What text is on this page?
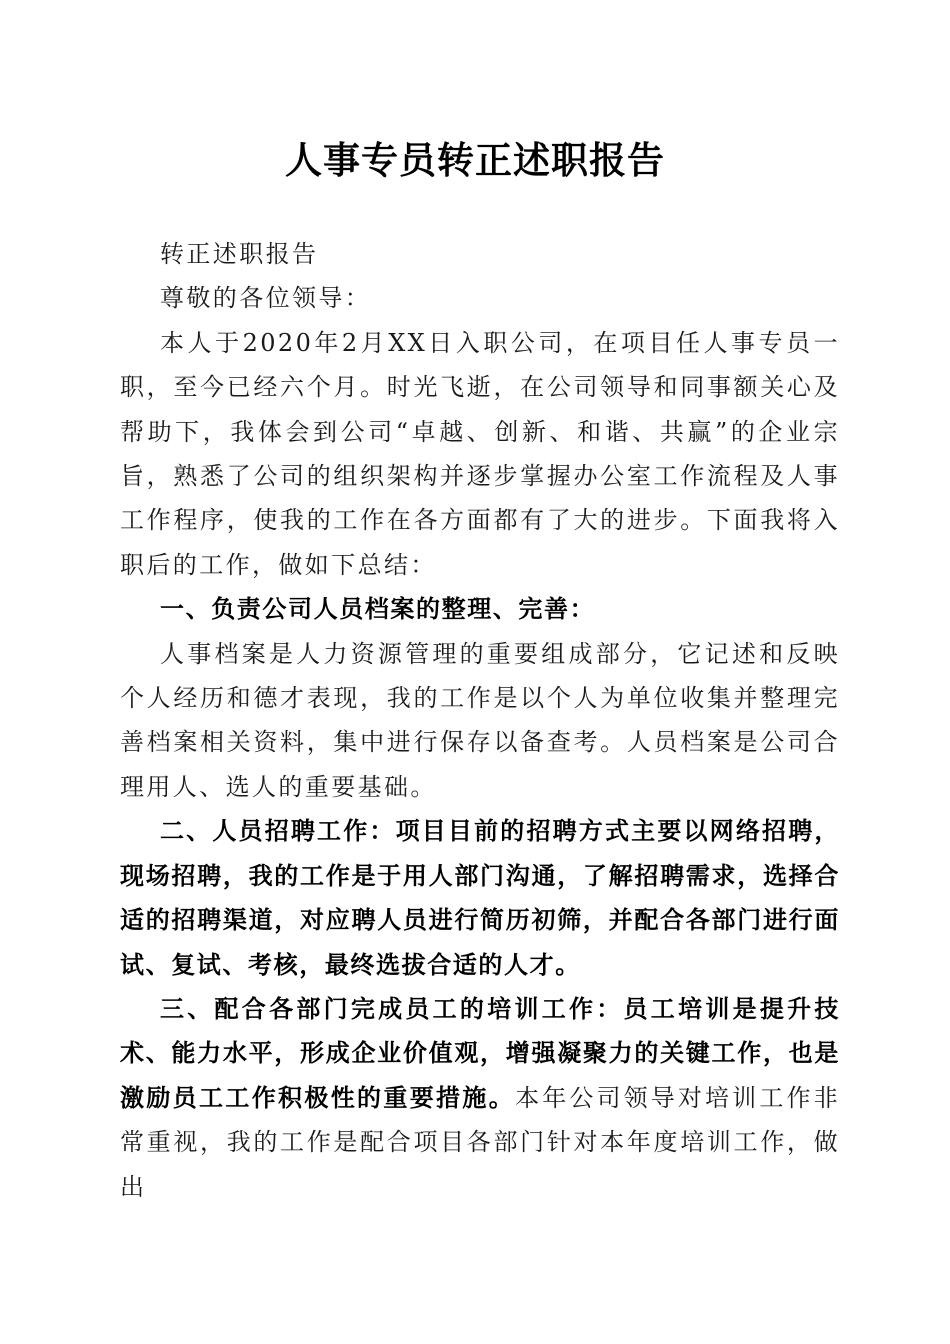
人事专员转正述职报告

转正述职报告

尊敬的各位领导：

本人于2020年2月XX日入职公司，在项目任人事专员一职，至今已经六个月。时光飞逝，在公司领导和同事额关心及帮助下，我体会到公司“卓越、创新、和谐、共赢”的企业宗旨，熟悉了公司的组织架构并逐步掌握办公室工作流程及人事工作程序，使我的工作在各方面都有了大的进步。下面我将入职后的工作，做如下总结：

一、负责公司人员档案的整理、完善：

人事档案是人力资源管理的重要组成部分，它记述和反映个人经历和德才表现，我的工作是以个人为单位收集并整理完善档案相关资料，集中进行保存以备查考。人员档案是公司合理用人、选人的重要基础。

二、人员招聘工作：项目目前的招聘方式主要以网络招聘，现场招聘，我的工作是于用人部门沟通，了解招聘需求，选择合适的招聘渠道，对应聘人员进行简历初筛，并配合各部门进行面试、复试、考核，最终选拔合适的人才。

三、配合各部门完成员工的培训工作：员工培训是提升技术、能力水平，形成企业价值观，增强凝聚力的关键工作，也是激励员工工作积极性的重要措施。本年公司领导对培训工作非常重视，我的工作是配合项目各部门针对本年度培训工作，做出
